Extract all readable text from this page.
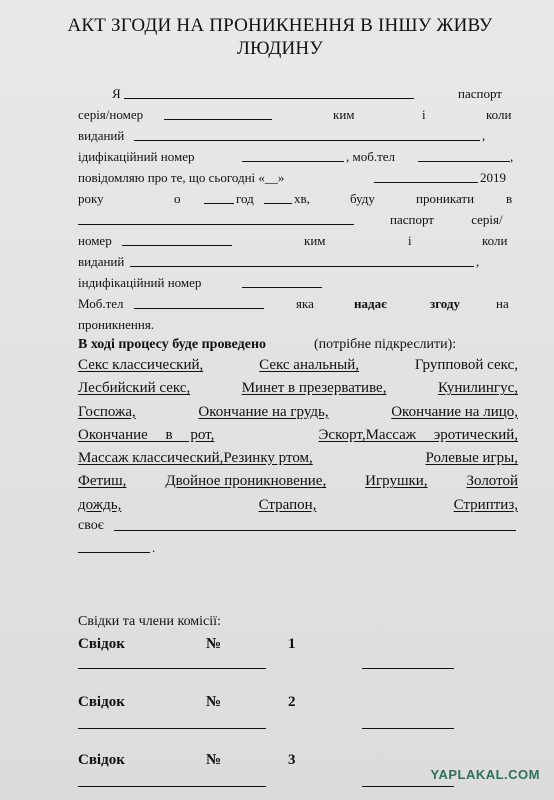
АКТ ЗГОДИ НА ПРОНИКНЕННЯ В ІНШУ ЖИВУ ЛЮДИНУ
Я	паспорт
серія/номер	ким	і	коли
виданий	,
ідифікаційний номер	, моб.тел	,
повідомляю про те, що сьогодні «__»	2019
року	о	год	хв,	буду	проникати в
паспорт серія/
номер	ким	і	коли
виданий	,
індифікаційний номер
Моб.тел	яка	надає	згоду	на
проникнення.
В ході процесу буде проведено	(потрібне підкреслити):
Секс классический,	Секс анальный,	Групповой секс,
Лесбийский секс,	Минет в презервативе,	Кунилингус,
Госпожа,	Окончание на грудь,	Окончание на лицо,
Окончание в рот,	Эскорт,Массаж эротический,
Массаж классический,Резинку ртом,	Ролевые игры,
Фетиш,	Двойное проникновение,	Игрушки,	Золотой
дождь,	Страпон,	Стриптиз,
своє
.
Свідки та члени комісії:
Свідок	№	1
Свідок	№	2
Свідок	№	3
YAPLAKAL.COM
